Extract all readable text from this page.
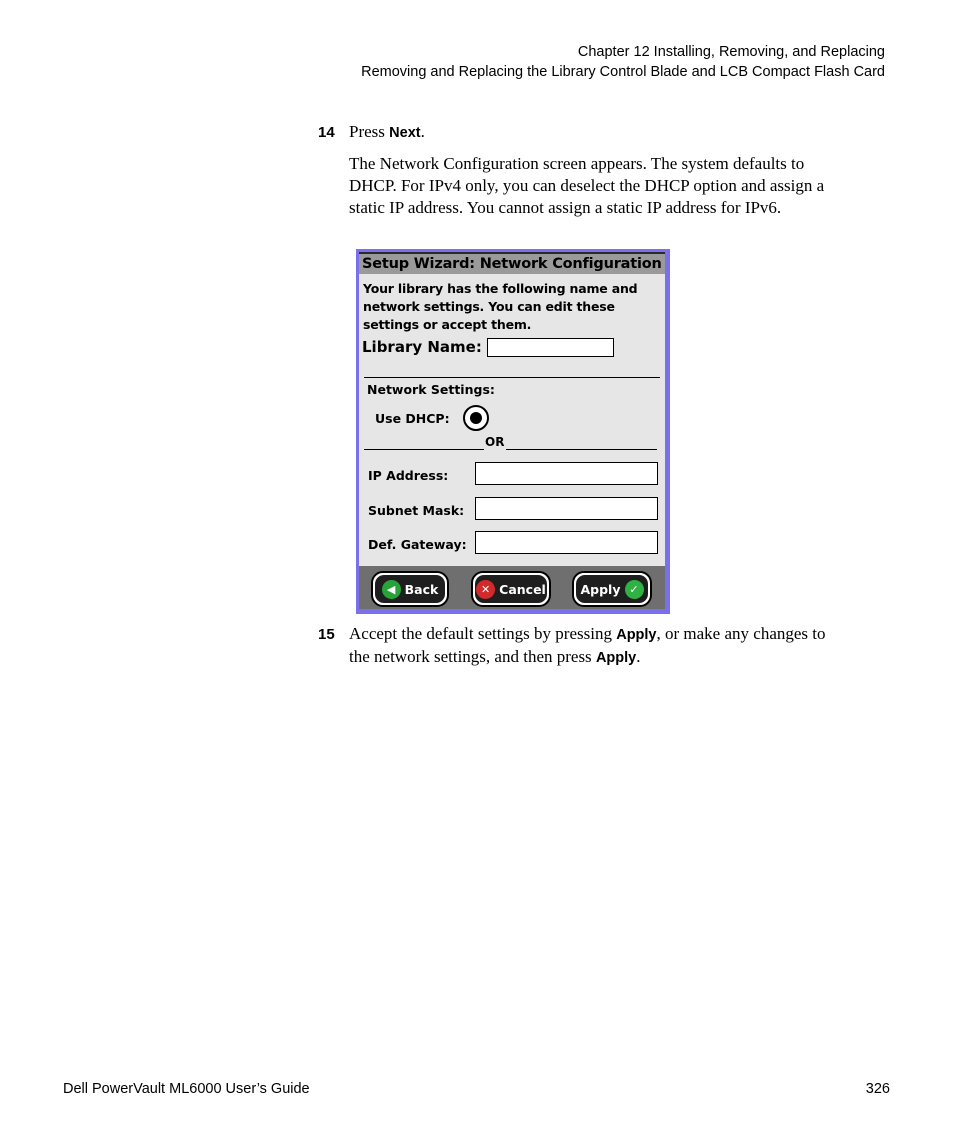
Chapter 12 Installing, Removing, and Replacing
Removing and Replacing the Library Control Blade and LCB Compact Flash Card
14 Press Next.
The Network Configuration screen appears. The system defaults to
DHCP. For IPv4 only, you can deselect the DHCP option and assign a
static IP address. You cannot assign a static IP address for IPv6.
Setup Wizard: Network Configuration
Your library has the following name and
network settings. You can edit these
settings or accept them.
Library Name:
Network Settings:
Use DHCP:
OR
IP Address:
Subnet Mask:
Def. Gateway:
◀ Back	✕ Cancel	Apply ✓
15 Accept the default settings by pressing Apply, or make any changes to
the network settings, and then press Apply.
Dell PowerVault ML6000 User’s Guide	326
